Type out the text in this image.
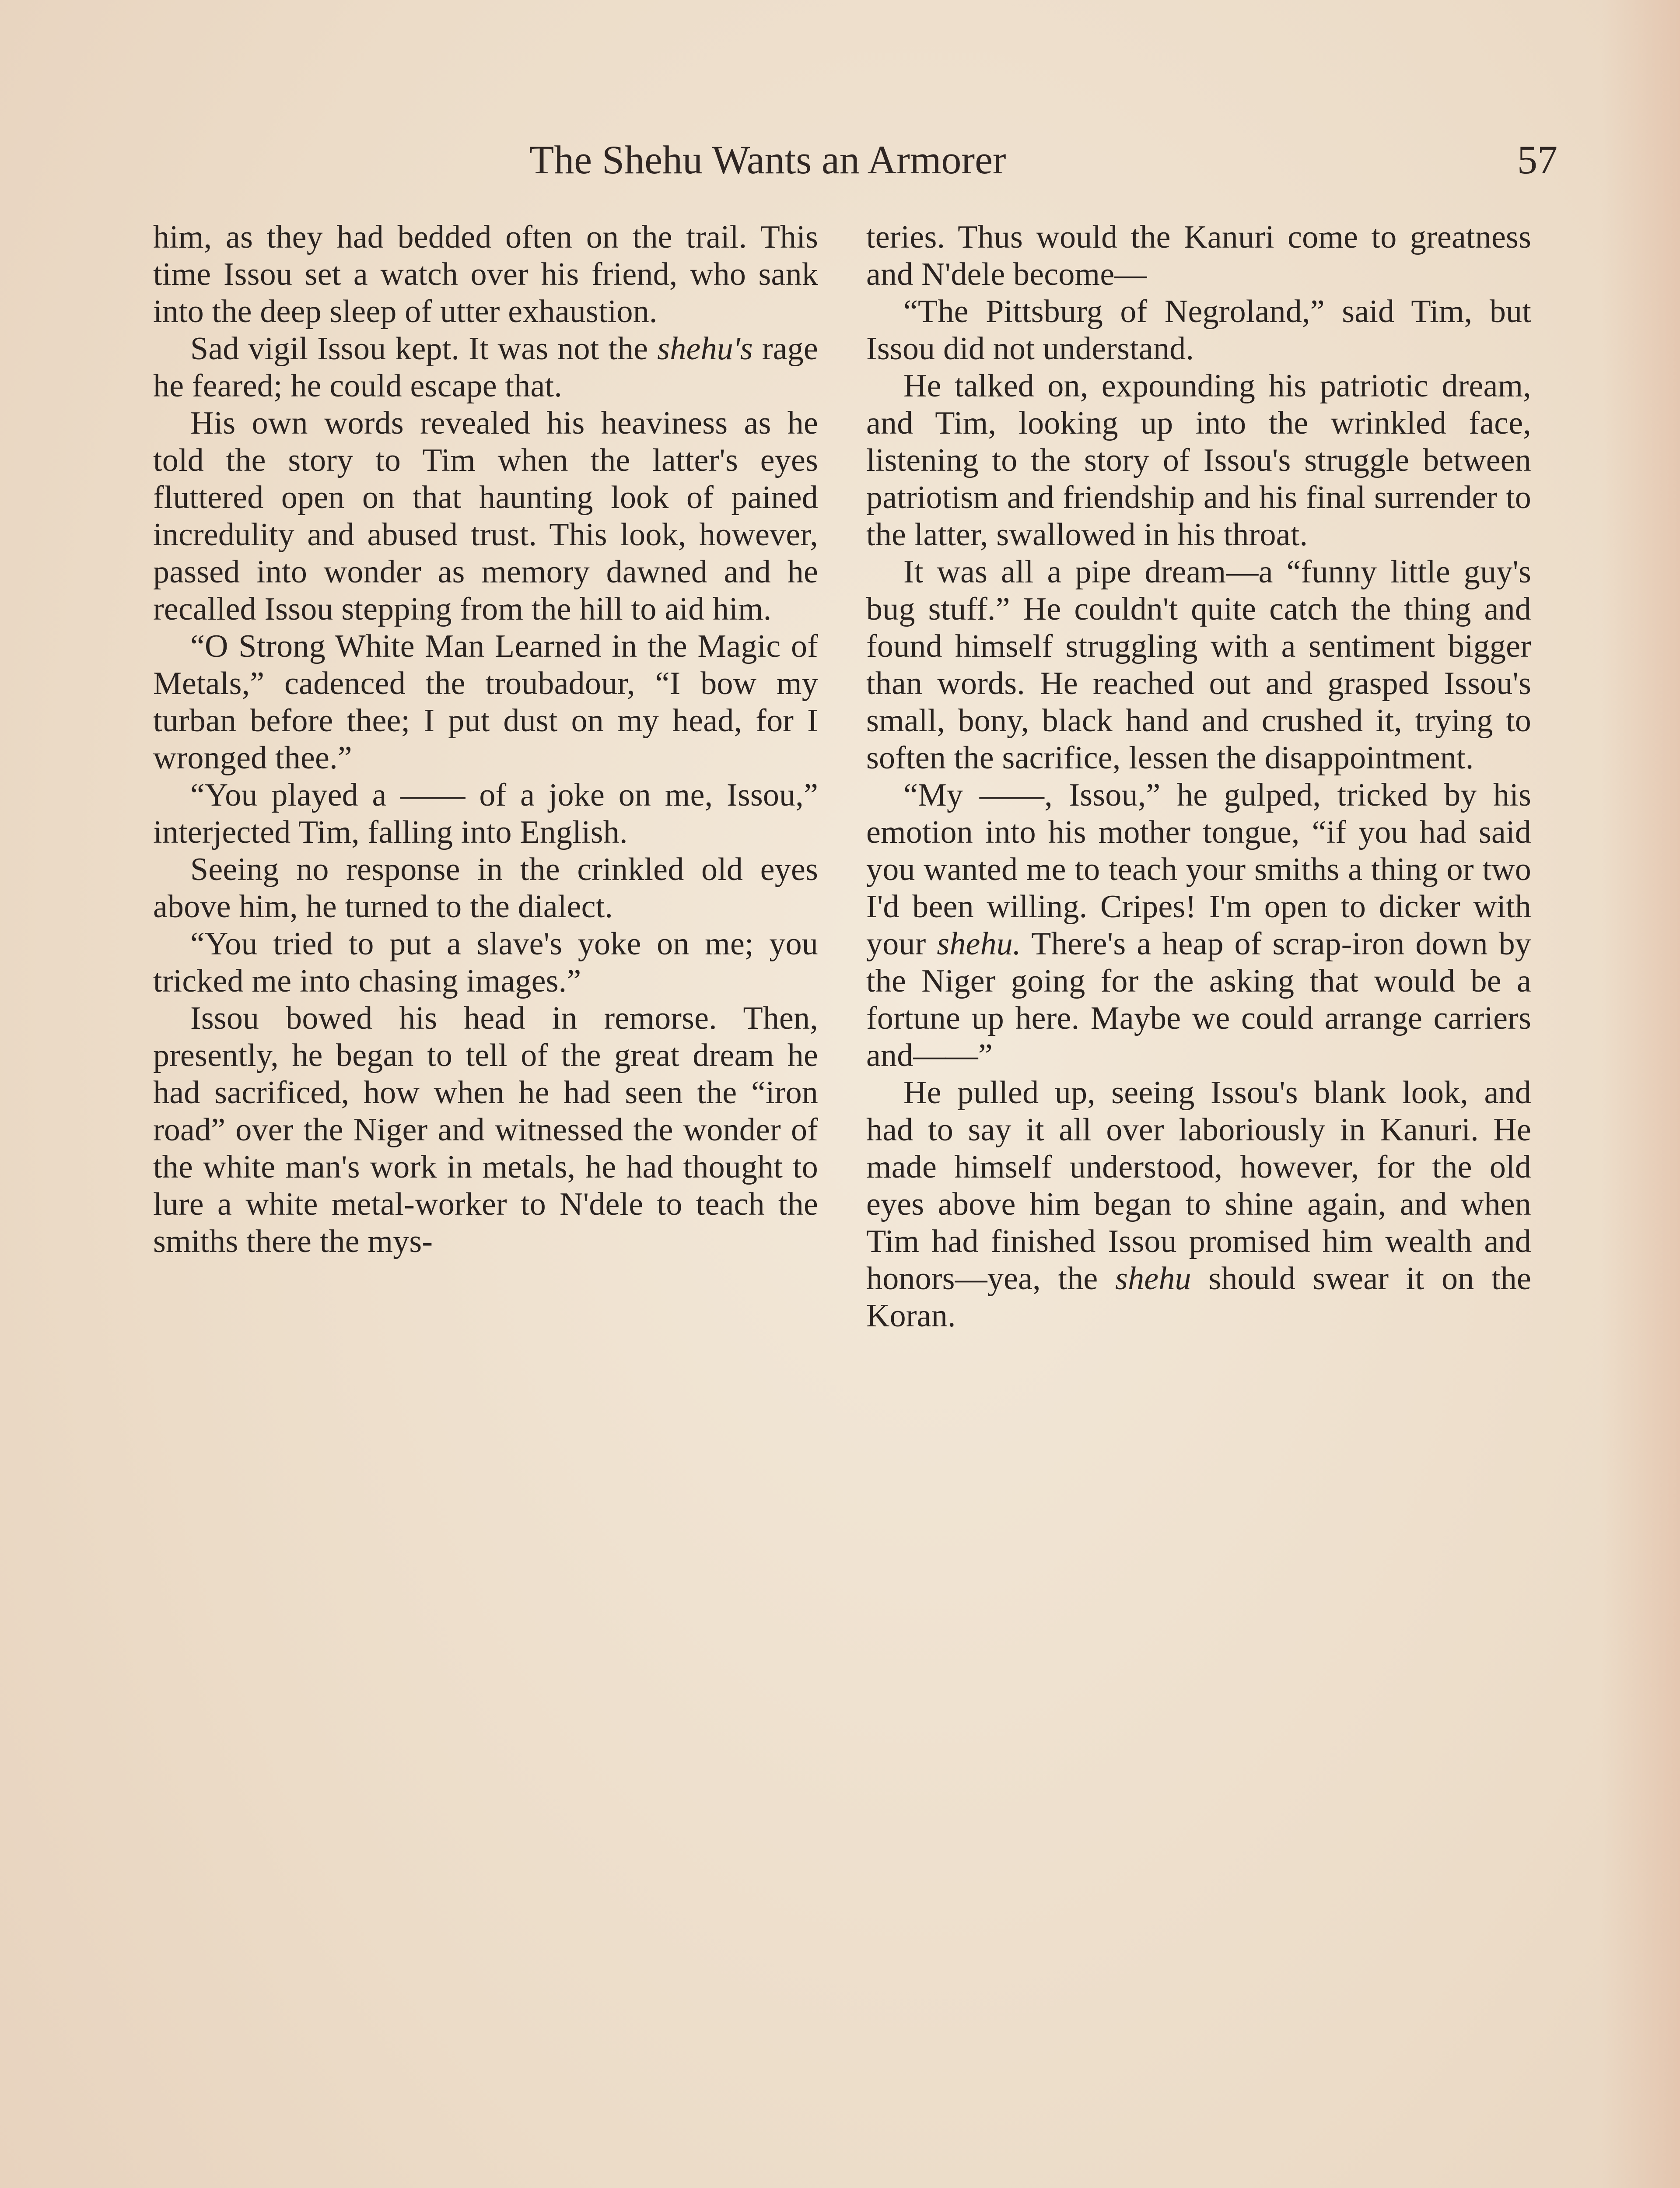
The Shehu Wants an Armorer	57

him, as they had bedded often on the trail. This time Issou set a watch over his friend, who sank into the deep sleep of utter exhaustion.

Sad vigil Issou kept. It was not the shehu's rage he feared; he could escape that.

His own words revealed his heaviness as he told the story to Tim when the latter's eyes fluttered open on that haunting look of pained incredulity and abused trust. This look, however, passed into wonder as memory dawned and he recalled Issou stepping from the hill to aid him.

“O Strong White Man Learned in the Magic of Metals,” cadenced the troubadour, “I bow my turban before thee; I put dust on my head, for I wronged thee.”

“You played a —— of a joke on me, Issou,” interjected Tim, falling into English.

Seeing no response in the crinkled old eyes above him, he turned to the dialect.

“You tried to put a slave's yoke on me; you tricked me into chasing images.”

Issou bowed his head in remorse. Then, presently, he began to tell of the great dream he had sacrificed, how when he had seen the “iron road” over the Niger and witnessed the wonder of the white man's work in metals, he had thought to lure a white metal-worker to N'dele to teach the smiths there the mys-

teries. Thus would the Kanuri come to greatness and N'dele become—

“The Pittsburg of Negroland,” said Tim, but Issou did not understand.

He talked on, expounding his patriotic dream, and Tim, looking up into the wrinkled face, listening to the story of Issou's struggle between patriotism and friendship and his final surrender to the latter, swallowed in his throat.

It was all a pipe dream—a “funny little guy's bug stuff.” He couldn't quite catch the thing and found himself struggling with a sentiment bigger than words. He reached out and grasped Issou's small, bony, black hand and crushed it, trying to soften the sacrifice, lessen the disappointment.

“My ——, Issou,” he gulped, tricked by his emotion into his mother tongue, “if you had said you wanted me to teach your smiths a thing or two I'd been willing. Cripes! I'm open to dicker with your shehu. There's a heap of scrap-iron down by the Niger going for the asking that would be a fortune up here. Maybe we could arrange carriers and——”

He pulled up, seeing Issou's blank look, and had to say it all over laboriously in Kanuri. He made himself understood, however, for the old eyes above him began to shine again, and when Tim had finished Issou promised him wealth and honors—yea, the shehu should swear it on the Koran.
